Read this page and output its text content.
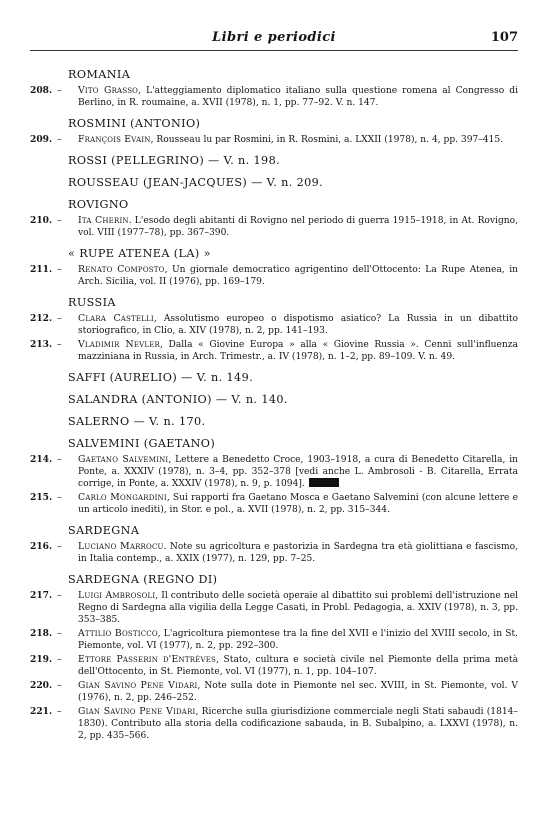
Libri e periodici	107
ROMANIA
208. – Vito Grasso, L'atteggiamento diplomatico italiano sulla questione romena al Congresso di Berlino, in R. roumaine, a. XVII (1978), n. 1, pp. 77–92. V. n. 147.
ROSMINI (ANTONIO)
209. – François Evain, Rousseau lu par Rosmini, in R. Rosmini, a. LXXII (1978), n. 4, pp. 397–415.
ROSSI (PELLEGRINO) — V. n. 198.
ROUSSEAU (JEAN-JACQUES) — V. n. 209.
ROVIGNO
210. – Ita Cherin. L'esodo degli abitanti di Rovigno nel periodo di guerra 1915–1918, in At. Rovigno, vol. VIII (1977–78), pp. 367–390.
« RUPE ATENEA (LA) »
211. – Renato Composto, Un giornale democratico agrigentino dell'Ottocento: La Rupe Atenea, in Arch. Sicilia, vol. II (1976), pp. 169–179.
RUSSIA
212. – Clara Castelli, Assolutismo europeo o dispotismo asiatico? La Russia in un dibattito storiografico, in Clio, a. XIV (1978), n. 2, pp. 141–193.
213. – Vladimir Nevler, Dalla « Giovine Europa » alla « Giovine Russia ». Cenni sull'influenza mazziniana in Russia, in Arch. Trimestr., a. IV (1978), n. 1–2, pp. 89–109. V. n. 49.
SAFFI (AURELIO) — V. n. 149.
SALANDRA (ANTONIO) — V. n. 140.
SALERNO — V. n. 170.
SALVEMINI (GAETANO)
214. – Gaetano Salvemini, Lettere a Benedetto Croce, 1903–1918, a cura di Benedetto Citarella, in Ponte, a. XXXIV (1978), n. 3–4, pp. 352–378 [vedi anche L. Ambrosoli - B. Citarella, Errata corrige, in Ponte, a. XXXIV (1978), n. 9, p. 1094].
215. – Carlo Mongardini, Sui rapporti fra Gaetano Mosca e Gaetano Salvemini (con alcune lettere e un articolo inediti), in Stor. e pol., a. XVII (1978), n. 2, pp. 315–344.
SARDEGNA
216. – Luciano Marrocu. Note su agricoltura e pastorizia in Sardegna tra età giolittiana e fascismo, in Italia contemp., a. XXIX (1977), n. 129, pp. 7–25.
SARDEGNA (REGNO DI)
217. – Luigi Ambrosoli, Il contributo delle società operaie al dibattito sui problemi dell'istruzione nel Regno di Sardegna alla vigilia della Legge Casati, in Probl. Pedagogia, a. XXIV (1978), n. 3, pp. 353–385.
218. – Attilio Bosticco, L'agricoltura piemontese tra la fine del XVII e l'inizio del XVIII secolo, in St. Piemonte, vol. VI (1977), n. 2, pp. 292–300.
219. – Ettore Passerin d'Entrèves, Stato, cultura e società civile nel Piemonte della prima metà dell'Ottocento, in St. Piemonte, vol. VI (1977), n. 1, pp. 104–107.
220. – Gian Savino Pene Vidari, Note sulla dote in Piemonte nel sec. XVIII, in St. Piemonte, vol. V (1976), n. 2, pp. 246–252.
221. – Gian Savino Pene Vidari, Ricerche sulla giurisdizione commerciale negli Stati sabaudi (1814–1830). Contributo alla storia della codificazione sabauda, in B. Subalpino, a. LXXVI (1978), n. 2, pp. 435–566.
